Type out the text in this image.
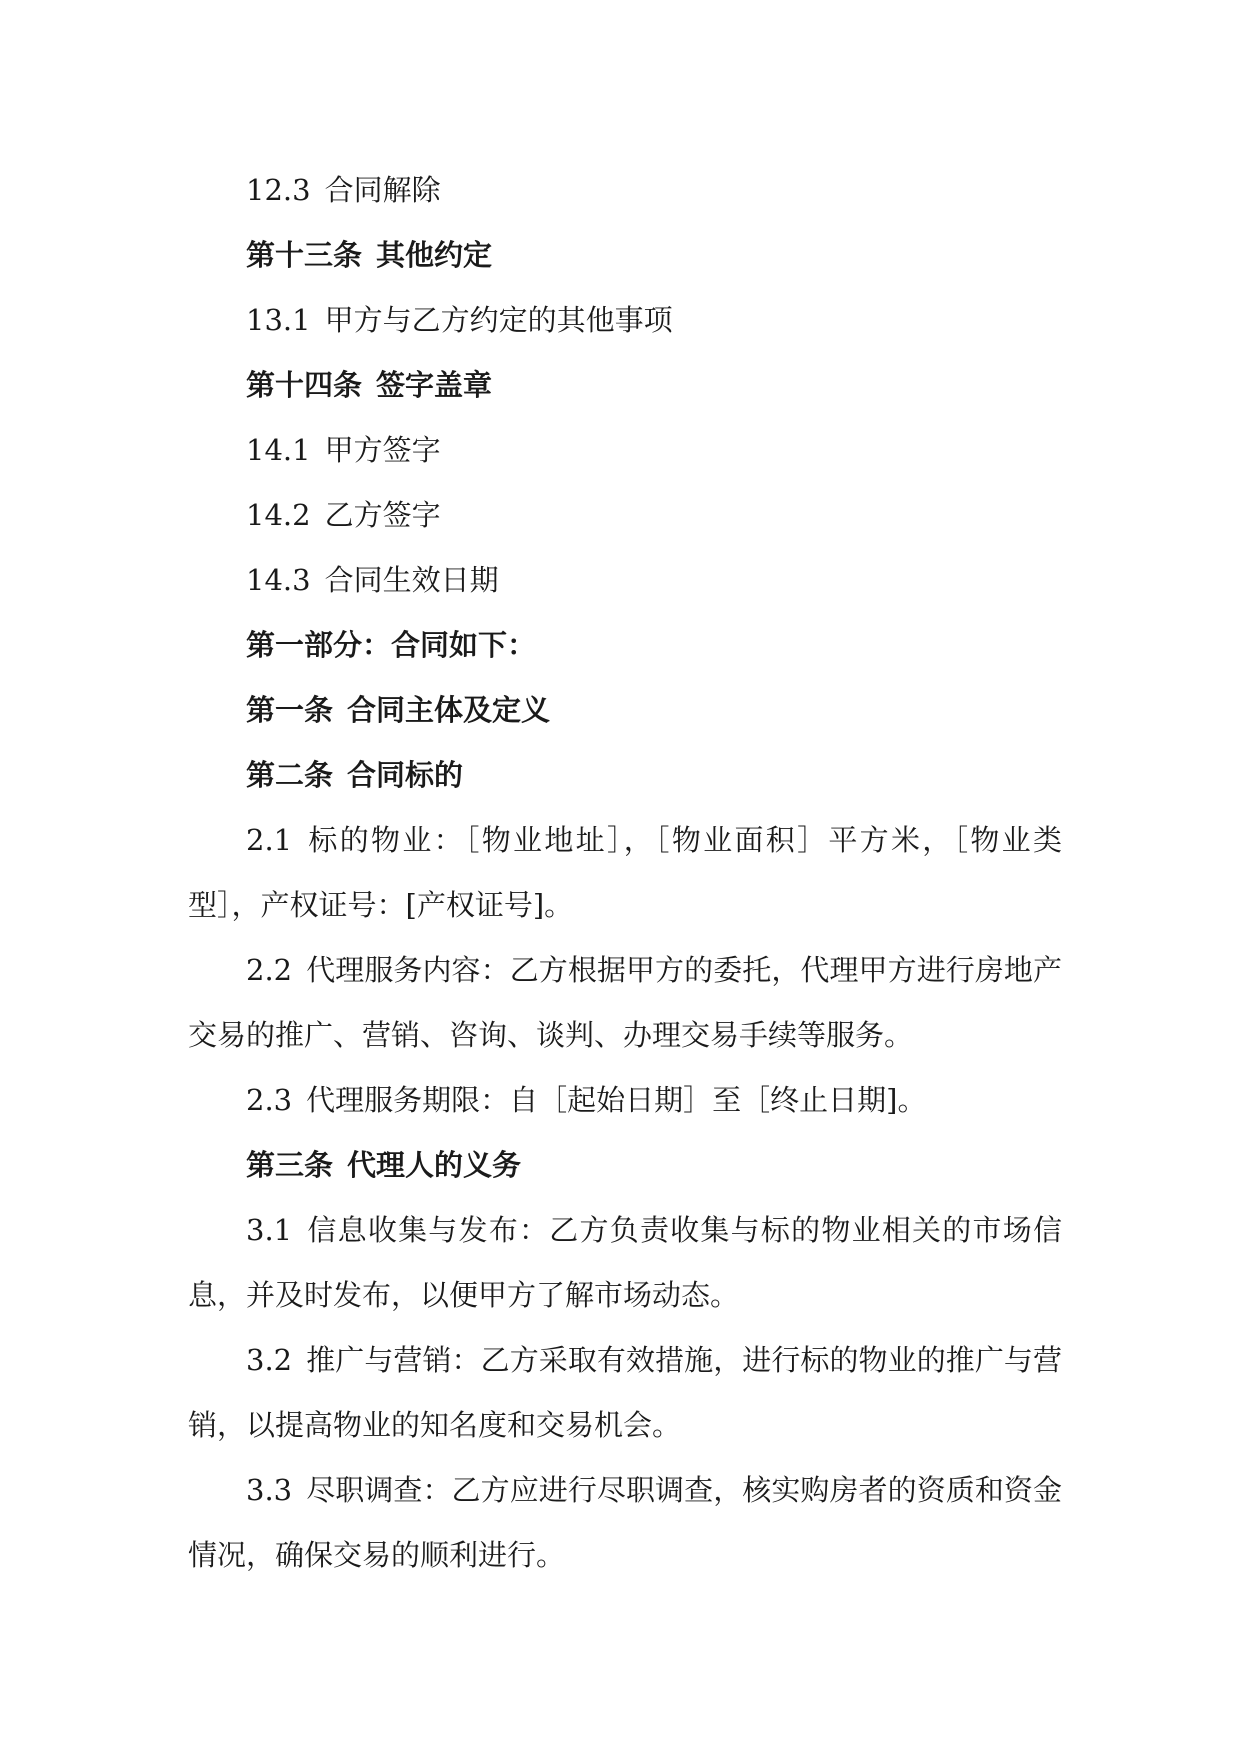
12.3 合同解除

第十三条 其他约定

13.1 甲方与乙方约定的其他事项

第十四条 签字盖章

14.1 甲方签字

14.2 乙方签字

14.3 合同生效日期

第一部分：合同如下：

第一条 合同主体及定义

第二条 合同标的

2.1 标的物业：［物业地址］，［物业面积］平方米，［物业类型］，产权证号：[产权证号]。

2.2 代理服务内容：乙方根据甲方的委托，代理甲方进行房地产交易的推广、营销、咨询、谈判、办理交易手续等服务。

2.3 代理服务期限：自［起始日期］至［终止日期]。

第三条 代理人的义务

3.1 信息收集与发布：乙方负责收集与标的物业相关的市场信息，并及时发布，以便甲方了解市场动态。

3.2 推广与营销：乙方采取有效措施，进行标的物业的推广与营销，以提高物业的知名度和交易机会。

3.3 尽职调查：乙方应进行尽职调查，核实购房者的资质和资金情况，确保交易的顺利进行。
